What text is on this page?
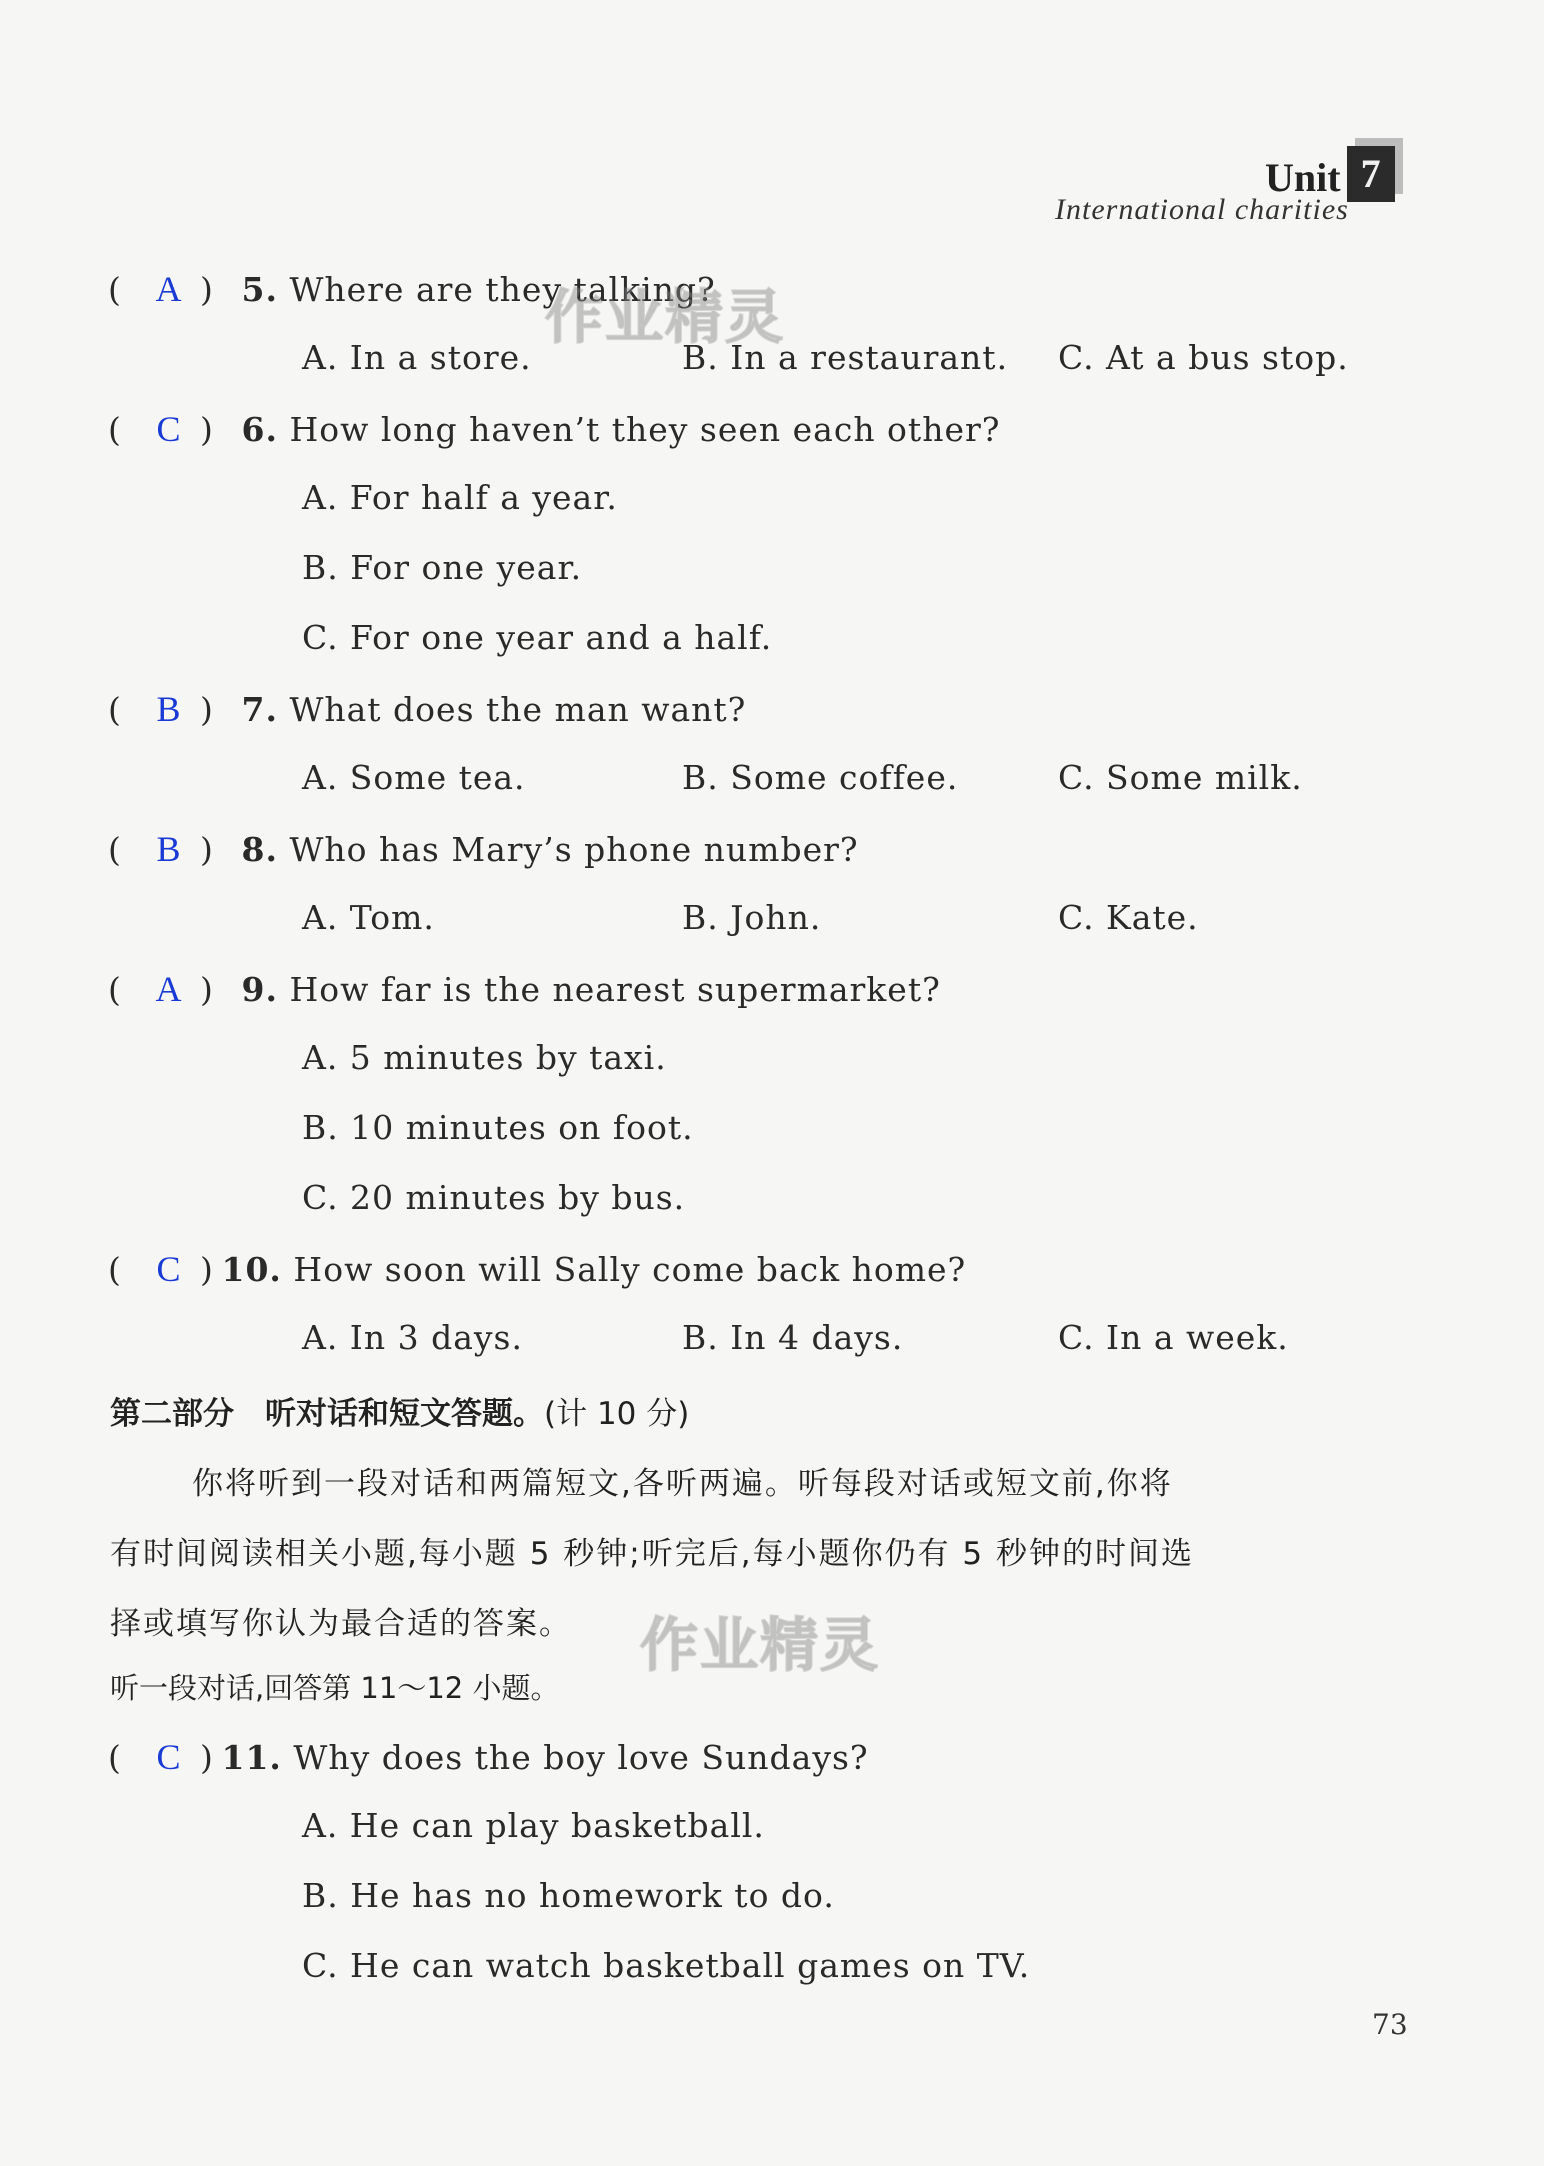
Unit 7
International charities
( A ) 5. Where are they talking?
A. In a store.	B. In a restaurant. C. At a bus stop.
( C ) 6. How long haven’t they seen each other?
A. For half a year.
B. For one year.
C. For one year and a half.
( B ) 7. What does the man want?
A. Some tea.	B. Some coffee.	C. Some milk.
( B ) 8. Who has Mary’s phone number?
A. Tom.	B. John.	C. Kate.
( A ) 9. How far is the nearest supermarket?
A. 5 minutes by taxi.
B. 10 minutes on foot.
C. 20 minutes by bus.
( C ) 10. How soon will Sally come back home?
A. In 3 days.	B. In 4 days.	C. In a week.
第二部分　听对话和短文答题。(计 10 分)
你将听到一段对话和两篇短文,各听两遍。听每段对话或短文前,你将
有时间阅读相关小题,每小题 5 秒钟;听完后,每小题你仍有 5 秒钟的时间选
择或填写你认为最合适的答案。
听一段对话,回答第 11～12 小题。
( C ) 11. Why does the boy love Sundays?
A. He can play basketball.
B. He has no homework to do.
C. He can watch basketball games on TV.
73
作业精灵
作业精灵
